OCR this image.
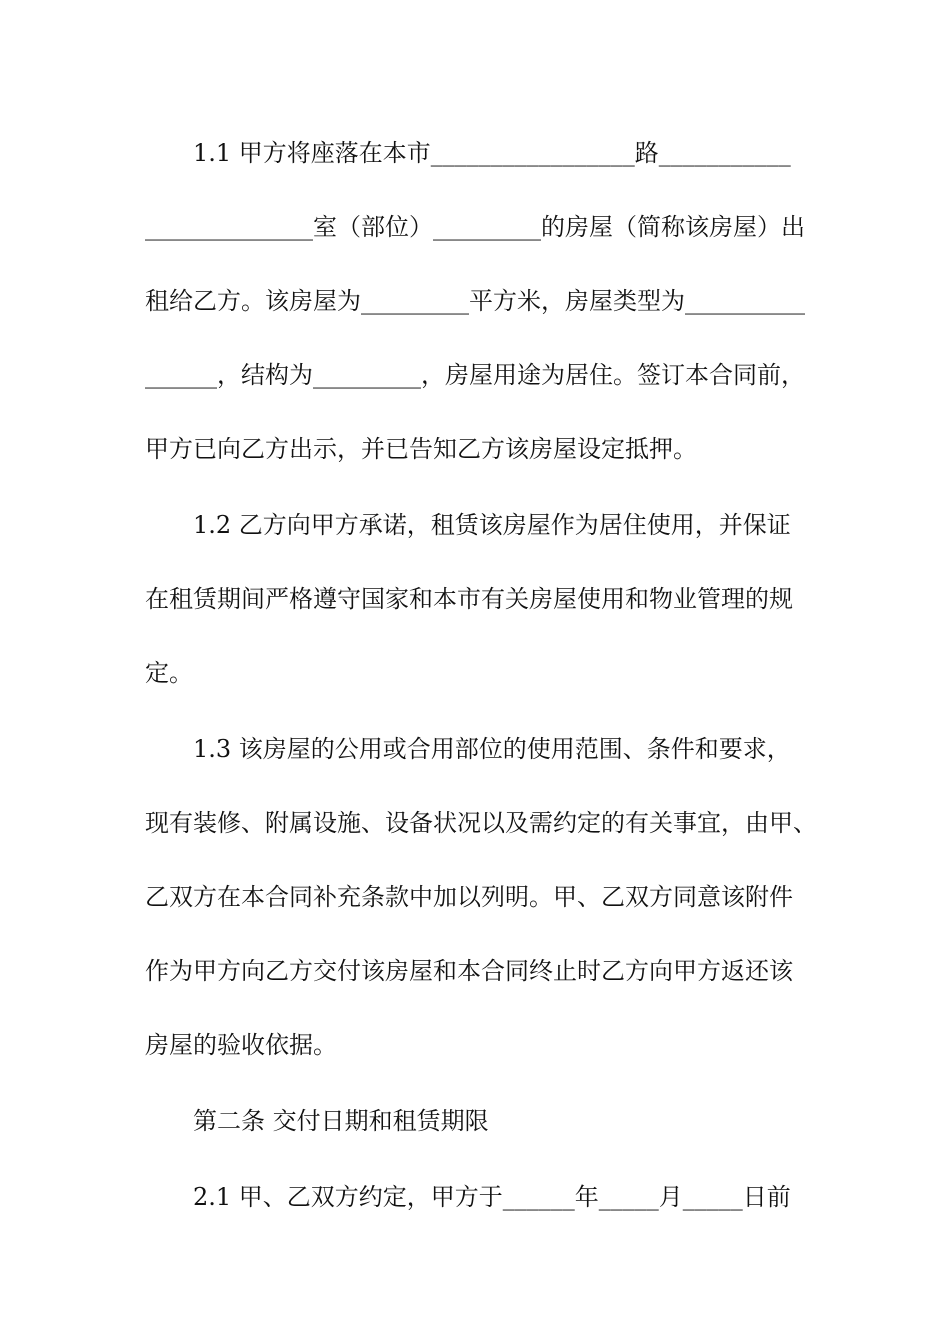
1.1 甲方将座落在本市_________________路___________
______________室（部位）_________的房屋（简称该房屋）出
租给乙方。该房屋为_________平方米，房屋类型为__________
______，结构为_________，房屋用途为居住。签订本合同前，
甲方已向乙方出示，并已告知乙方该房屋设定抵押。
1.2 乙方向甲方承诺，租赁该房屋作为居住使用，并保证
在租赁期间严格遵守国家和本市有关房屋使用和物业管理的规
定。
1.3 该房屋的公用或合用部位的使用范围、条件和要求，
现有装修、附属设施、设备状况以及需约定的有关事宜，由甲、
乙双方在本合同补充条款中加以列明。甲、乙双方同意该附件
作为甲方向乙方交付该房屋和本合同终止时乙方向甲方返还该
房屋的验收依据。
第二条 交付日期和租赁期限
2.1 甲、乙双方约定，甲方于______年_____月_____日前
